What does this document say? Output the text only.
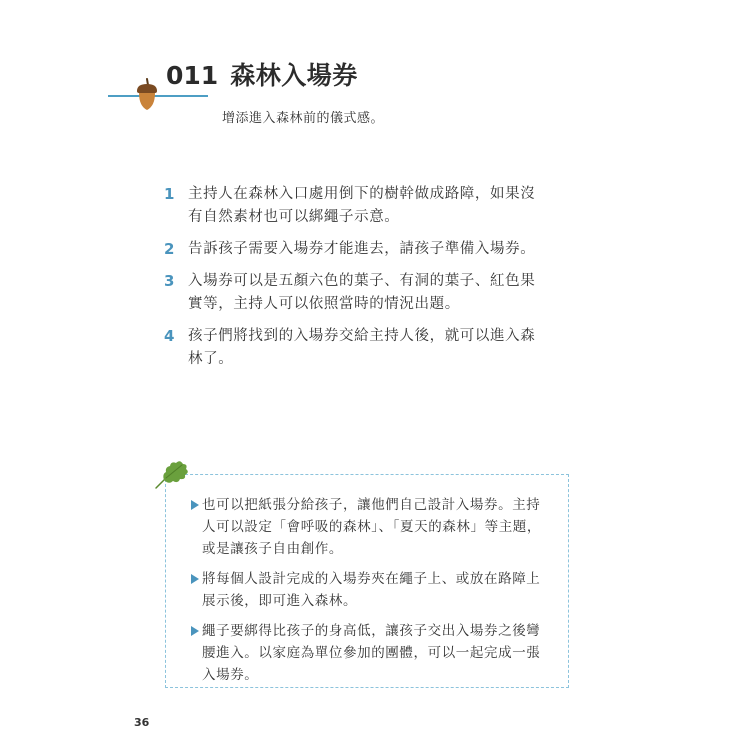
011 森林入場券
增添進入森林前的儀式感。
1 主持人在森林入口處用倒下的樹幹做成路障，如果沒
有自然素材也可以綁繩子示意。
2 告訴孩子需要入場券才能進去，請孩子準備入場券。
3 入場券可以是五顏六色的葉子、有洞的葉子、紅色果
實等，主持人可以依照當時的情況出題。
4 孩子們將找到的入場券交給主持人後，就可以進入森
林了。
也可以把紙張分給孩子，讓他們自己設計入場券。主持
人可以設定「會呼吸的森林」、「夏天的森林」等主題，
或是讓孩子自由創作。
將每個人設計完成的入場券夾在繩子上、或放在路障上
展示後，即可進入森林。
繩子要綁得比孩子的身高低，讓孩子交出入場券之後彎
腰進入。以家庭為單位參加的團體，可以一起完成一張
入場券。
36
